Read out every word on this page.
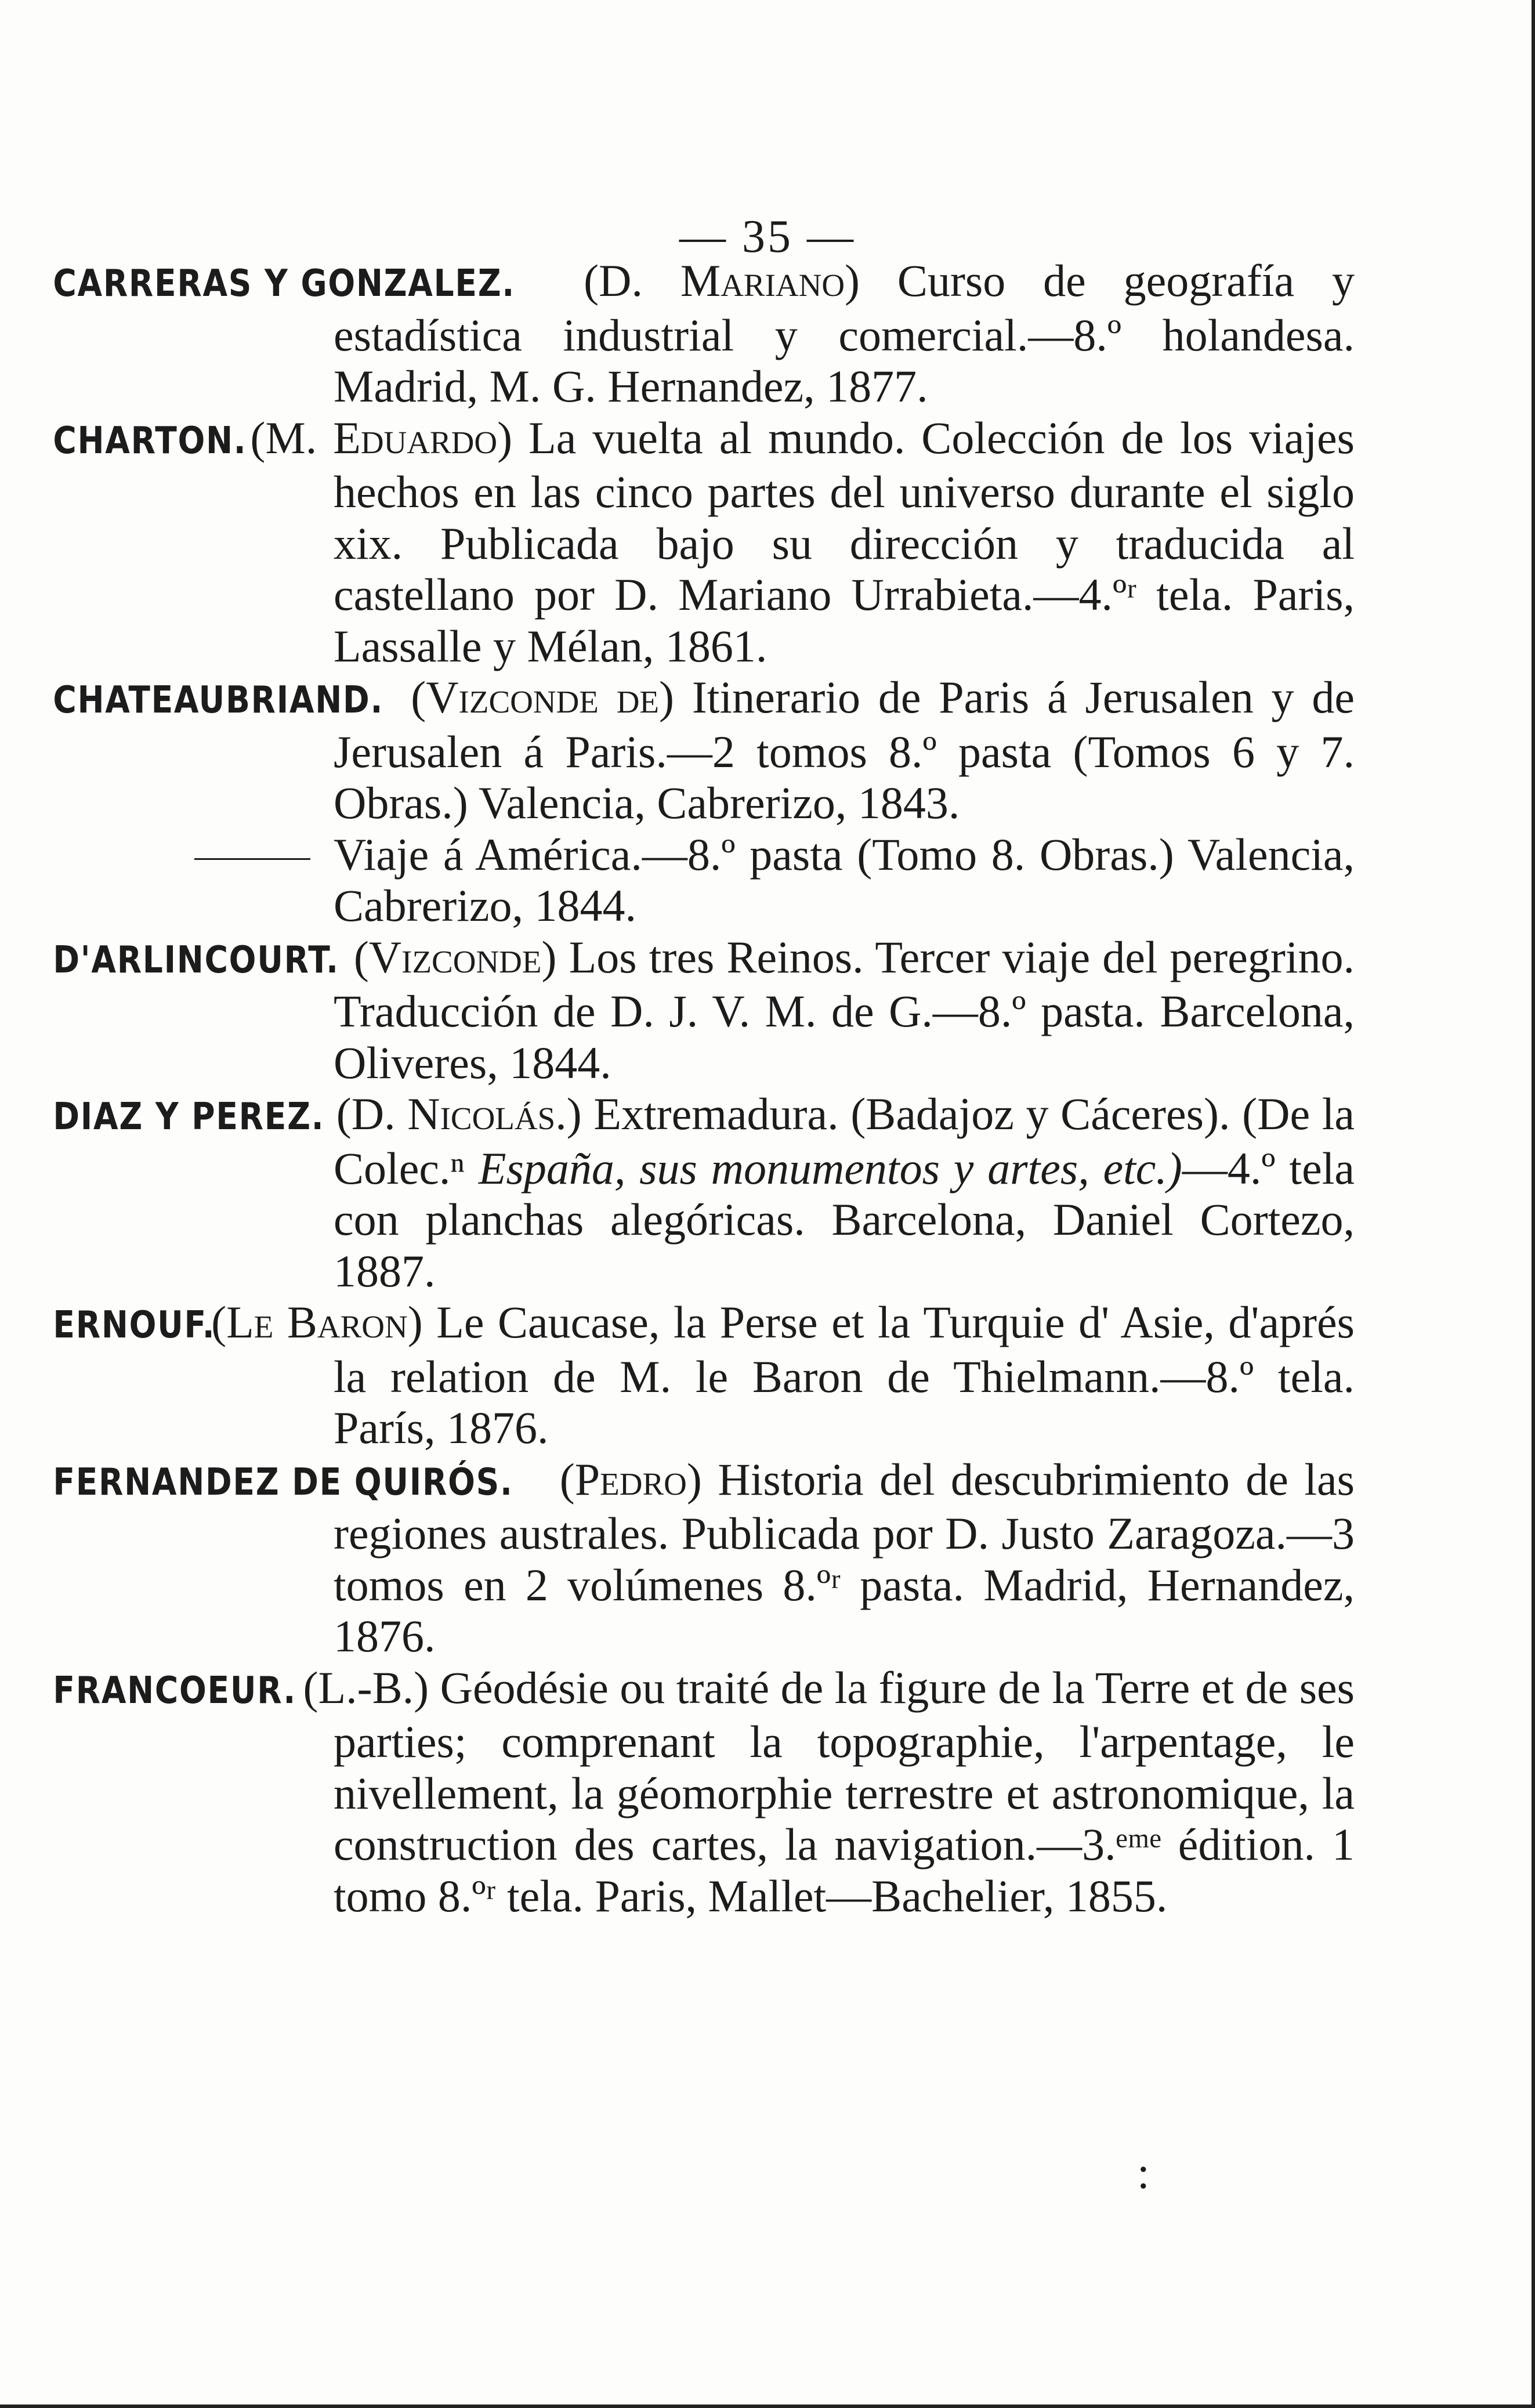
— 35 —

CARRERAS Y GONZALEZ. (D. Mariano) Curso de geografía y estadística industrial y comercial.—8.º holandesa. Madrid, M. G. Hernandez, 1877.

CHARTON. (M. Eduardo) La vuelta al mundo. Colección de los viajes hechos en las cinco partes del universo durante el siglo xix. Publicada bajo su dirección y traducida al castellano por D. Mariano Urrabieta.—4.ºʳ tela. Paris, Lassalle y Mélan, 1861.

CHATEAUBRIAND. (Vizconde de) Itinerario de Paris á Jerusalen y de Jerusalen á Paris.—2 tomos 8.º pasta (Tomos 6 y 7. Obras.) Valencia, Cabrerizo, 1843.

Viaje á América.—8.º pasta (Tomo 8. Obras.) Valencia, Cabrerizo, 1844.

D'ARLINCOURT. (Vizconde) Los tres Reinos. Tercer viaje del peregrino. Traducción de D. J. V. M. de G.—8.º pasta. Barcelona, Oliveres, 1844.

DIAZ Y PEREZ. (D. Nicolás.) Extremadura. (Badajoz y Cáceres). (De la Colec.ⁿ España, sus monumentos y artes, etc.)—4.º tela con planchas alegóricas. Barcelona, Daniel Cortezo, 1887.

ERNOUF. (Le Baron) Le Caucase, la Perse et la Turquie d' Asie, d'aprés la relation de M. le Baron de Thielmann.—8.º tela. París, 1876.

FERNANDEZ DE QUIRÓS. (Pedro) Historia del descubrimiento de las regiones australes. Publicada por D. Justo Zaragoza.—3 tomos en 2 volúmenes 8.ºʳ pasta. Madrid, Hernandez, 1876.

FRANCOEUR. (L.-B.) Géodésie ou traité de la figure de la Terre et de ses parties; comprenant la topographie, l'arpentage, le nivellement, la géomorphie terrestre et astronomique, la construction des cartes, la navigation.—3.ᵉᵐᵉ édition. 1 tomo 8.ºʳ tela. Paris, Mallet—Bachelier, 1855.

:
